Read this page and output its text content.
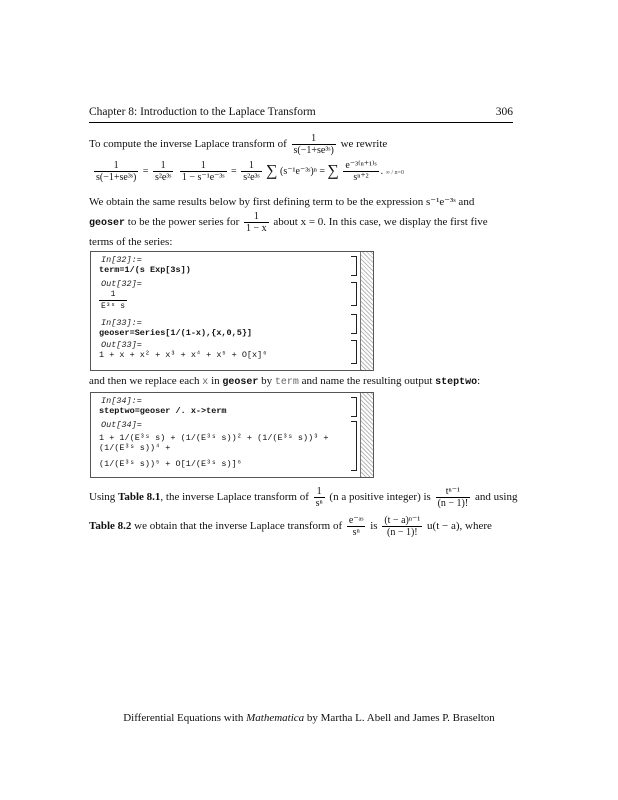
Chapter 8: Introduction to the Laplace Transform	306
To compute the inverse Laplace transform of $\frac{1}{\text{s(−1+se³ˢ)}}$ we rewrite
$\frac{1}{\text{s(−1+se³ˢ)}} = \frac{1}{\text{s²e³ˢ}}$
$\frac{1}{\text{1 − s⁻¹e⁻³ˢ}} = \frac{1}{\text{s²e³ˢ}}$ ∑ (s⁻¹e⁻³ˢ)ⁿ = ∑ $\frac{\text{e⁻³⁽ⁿ⁺¹⁾ˢ}}{\text{sⁿ⁺²}}$ . ∞ / n=0
We obtain the same results below by first defining term to be the expression s⁻¹e⁻³ˢ and
geoser to be the power series for $\frac{1}{1 - x}$ about x = 0. In this case, we display the first five
terms of the series:
In[32]:=
term=1/(s Exp[3s])
Out[32]=
$\frac{1}{\text{E³ˢ s}}$
In[33]:=
geoser=Series[1/(1-x),{x,0,5}]
Out[33]=
1 + x + x² + x³ + x⁴ + x⁵ + O[x]⁶
and then we replace each x in geoser by term and name the resulting output steptwo:
In[34]:=
steptwo=geoser /. x->term
Out[34]=
1 + 1/(E³ˢ s) + (1/(E³ˢ s))² + (1/(E³ˢ s))³ + (1/(E³ˢ s))⁴ +
(1/(E³ˢ s))⁵ + O[1/(E³ˢ s)]⁶
Using Table 8.1, the inverse Laplace transform of $\frac{1}{\text{sⁿ}} (n$ a positive integer) is $\frac{\text{tⁿ⁻¹}}{(n - 1)!}$ and using
Table 8.2 we obtain that the inverse Laplace transform of $\frac{\text{e⁻ᵃˢ}}{\text{sⁿ}}$ is $\frac{\text{(t − a)ⁿ⁻¹}}{(n - 1)!} u(t - a)$, where
Differential Equations with Mathematica by Martha L. Abell and James P. Braselton
